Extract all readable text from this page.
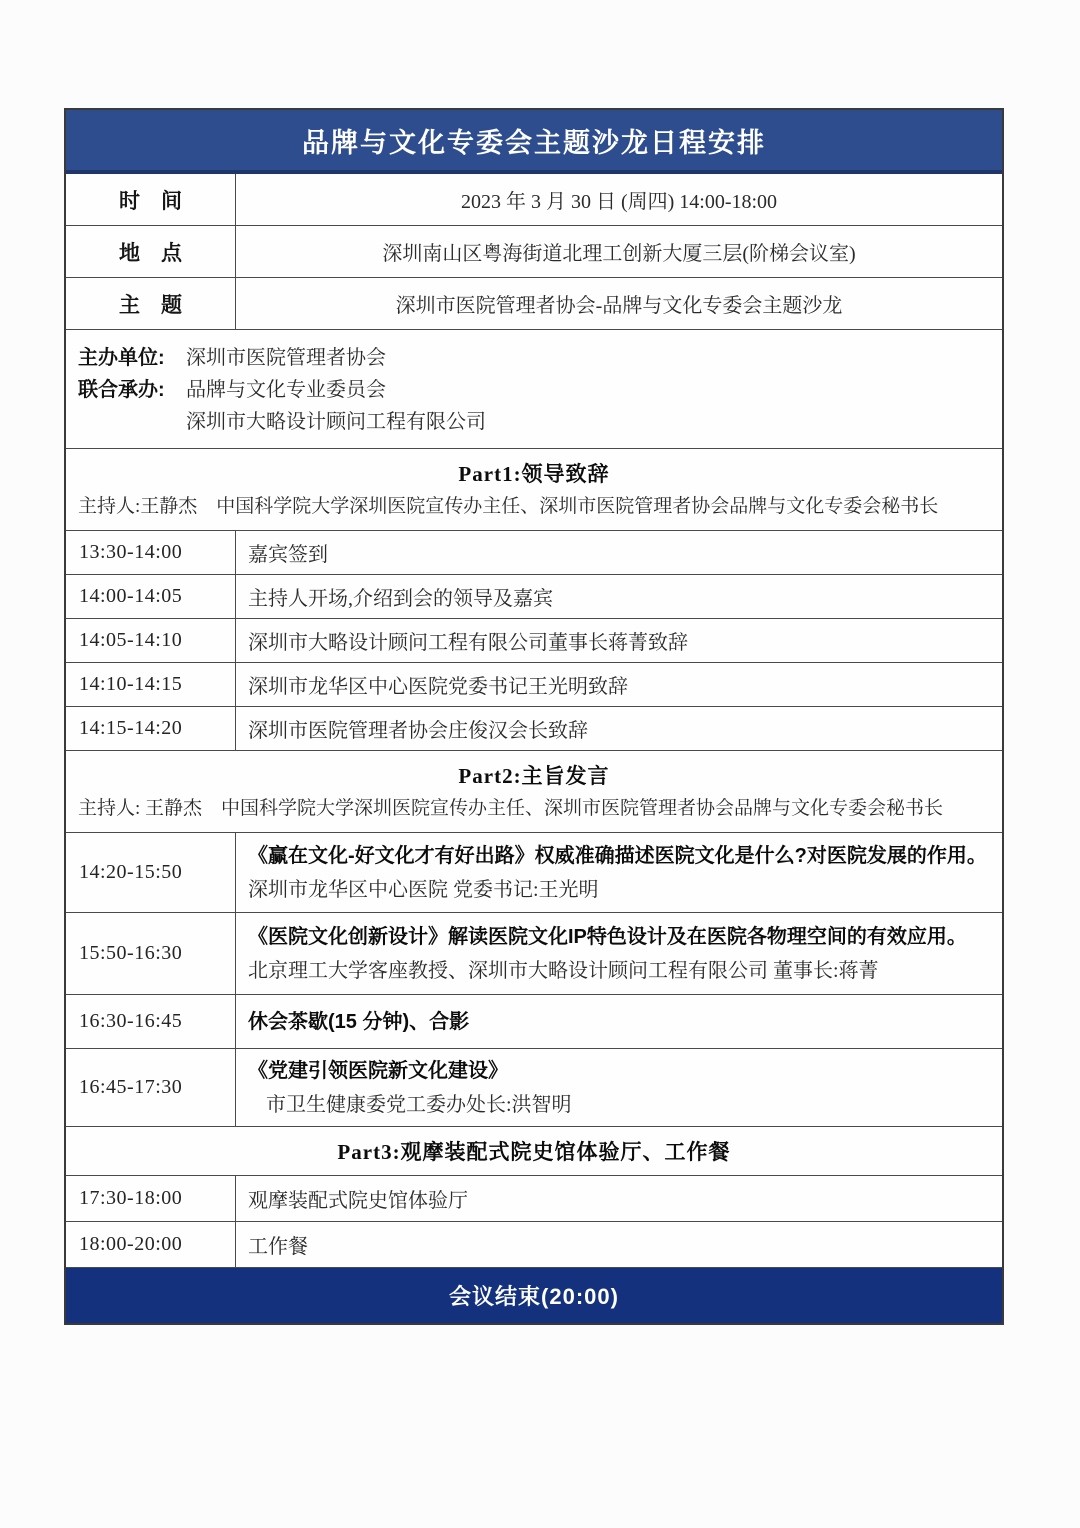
品牌与文化专委会主题沙龙日程安排
时　间	2023 年 3 月 30 日 (周四) 14:00-18:00
地　点	深圳南山区粤海街道北理工创新大厦三层(阶梯会议室)
主　题	深圳市医院管理者协会-品牌与文化专委会主题沙龙
主办单位:	深圳市医院管理者协会
联合承办:	品牌与文化专业委员会
深圳市大略设计顾问工程有限公司
Part1:领导致辞
主持人:王静杰　中国科学院大学深圳医院宣传办主任、深圳市医院管理者协会品牌与文化专委会秘书长
13:30-14:00	嘉宾签到
14:00-14:05	主持人开场,介绍到会的领导及嘉宾
14:05-14:10	深圳市大略设计顾问工程有限公司董事长蒋菁致辞
14:10-14:15	深圳市龙华区中心医院党委书记王光明致辞
14:15-14:20	深圳市医院管理者协会庄俊汉会长致辞
Part2:主旨发言
主持人: 王静杰　中国科学院大学深圳医院宣传办主任、深圳市医院管理者协会品牌与文化专委会秘书长
14:20-15:50
《赢在文化-好文化才有好出路》权威准确描述医院文化是什么?对医院发展的作用。
深圳市龙华区中心医院 党委书记:王光明
15:50-16:30
《医院文化创新设计》解读医院文化IP特色设计及在医院各物理空间的有效应用。
北京理工大学客座教授、深圳市大略设计顾问工程有限公司 董事长:蒋菁
16:30-16:45	休会茶歇(15 分钟)、合影
16:45-17:30
《党建引领医院新文化建设》
市卫生健康委党工委办处长:洪智明
Part3:观摩装配式院史馆体验厅、工作餐
17:30-18:00	观摩装配式院史馆体验厅
18:00-20:00	工作餐
会议结束(20:00)
